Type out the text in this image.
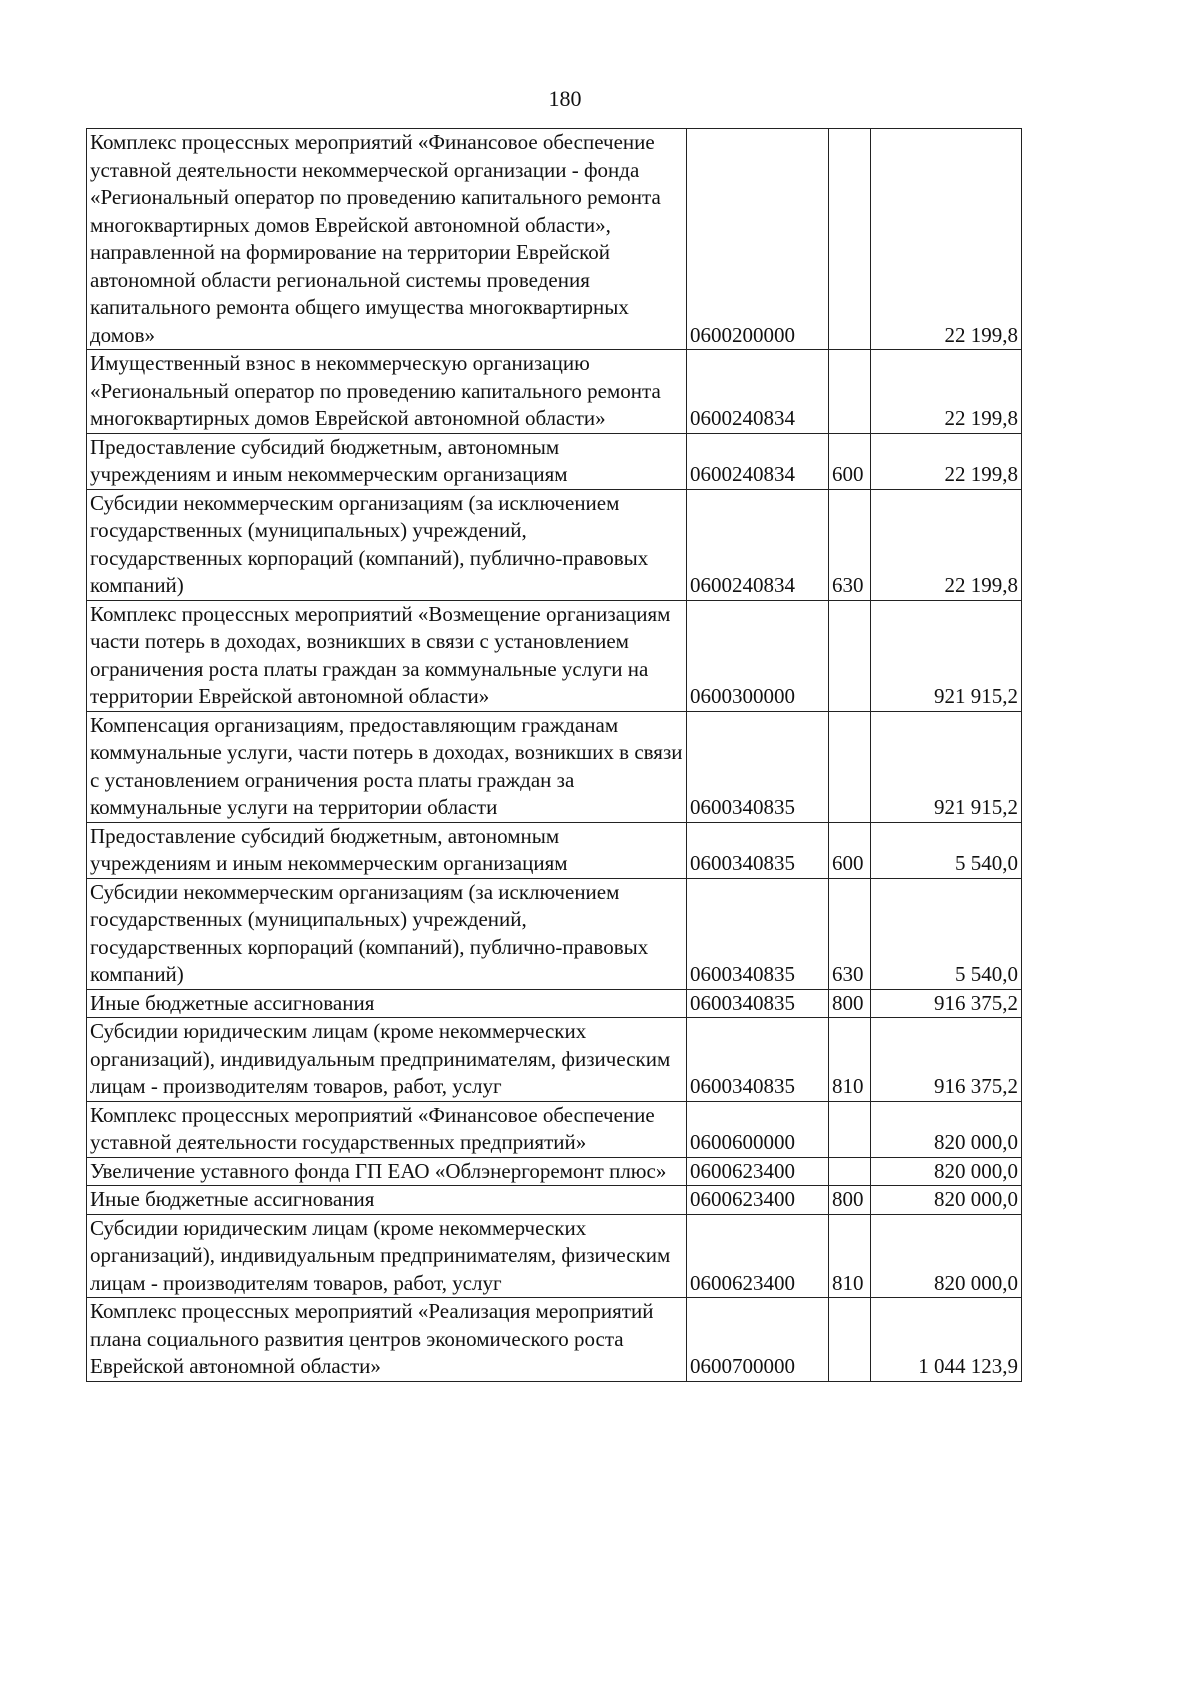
180
Комплекс процессных мероприятий «Финансовое обеспечение уставной деятельности некоммерческой организации - фонда «Региональный оператор по проведению капитального ремонта многоквартирных домов Еврейской автономной области», направленной на формирование на территории Еврейской автономной области региональной системы проведения капитального ремонта общего имущества многоквартирных домов»	0600200000		22 199,8
Имущественный взнос в некоммерческую организацию «Региональный оператор по проведению капитального ремонта многоквартирных домов Еврейской автономной области»	0600240834		22 199,8
Предоставление субсидий бюджетным, автономным учреждениям и иным некоммерческим организациям	0600240834	600	22 199,8
Субсидии некоммерческим организациям (за исключением государственных (муниципальных) учреждений, государственных корпораций (компаний), публично-правовых компаний)	0600240834	630	22 199,8
Комплекс процессных мероприятий «Возмещение организациям части потерь в доходах, возникших в связи с установлением ограничения роста платы граждан за коммунальные услуги на территории Еврейской автономной области»	0600300000		921 915,2
Компенсация организациям, предоставляющим гражданам коммунальные услуги, части потерь в доходах, возникших в связи с установлением ограничения роста платы граждан за коммунальные услуги на территории области	0600340835		921 915,2
Предоставление субсидий бюджетным, автономным учреждениям и иным некоммерческим организациям	0600340835	600	5 540,0
Субсидии некоммерческим организациям (за исключением государственных (муниципальных) учреждений, государственных корпораций (компаний), публично-правовых компаний)	0600340835	630	5 540,0
Иные бюджетные ассигнования	0600340835	800	916 375,2
Субсидии юридическим лицам (кроме некоммерческих организаций), индивидуальным предпринимателям, физическим лицам - производителям товаров, работ, услуг	0600340835	810	916 375,2
Комплекс процессных мероприятий «Финансовое обеспечение уставной деятельности государственных предприятий»	0600600000		820 000,0
Увеличение уставного фонда ГП ЕАО «Облэнергоремонт плюс»	0600623400		820 000,0
Иные бюджетные ассигнования	0600623400	800	820 000,0
Субсидии юридическим лицам (кроме некоммерческих организаций), индивидуальным предпринимателям, физическим лицам - производителям товаров, работ, услуг	0600623400	810	820 000,0
Комплекс процессных мероприятий «Реализация мероприятий плана социального развития центров экономического роста Еврейской автономной области»	0600700000		1 044 123,9
